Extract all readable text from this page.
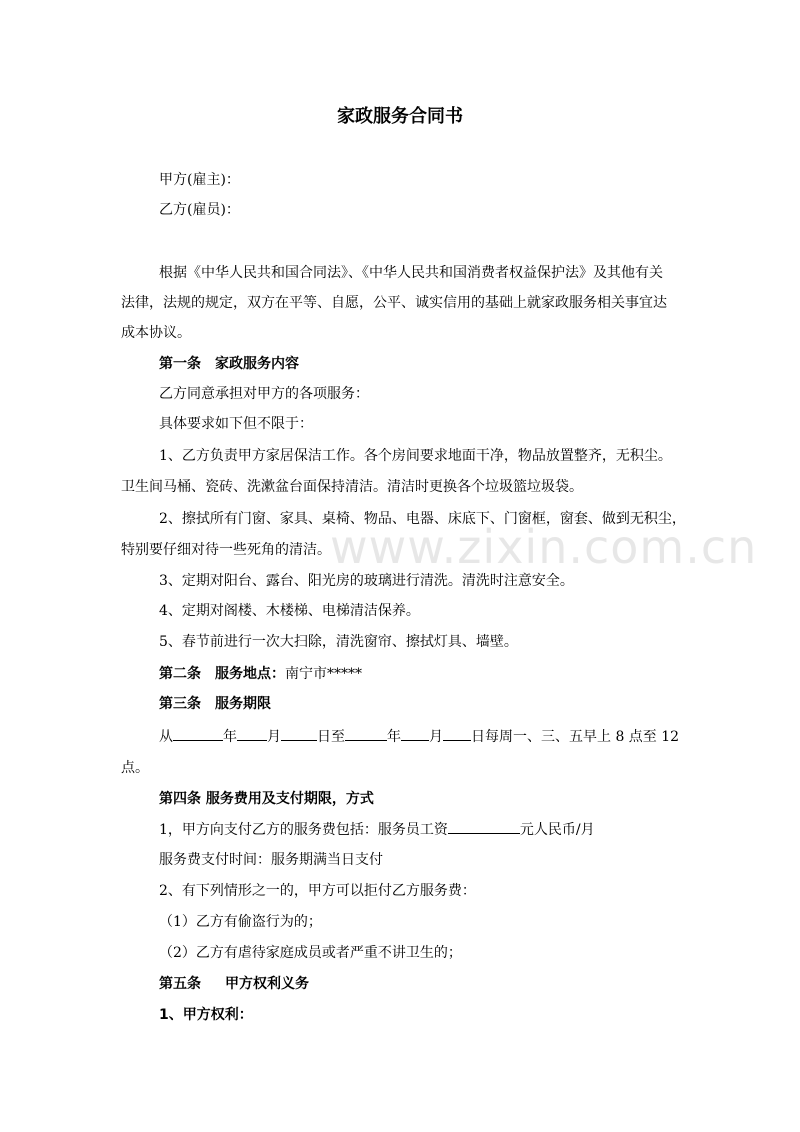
家政服务合同书
甲方(雇主)：
乙方(雇员)：
根据《中华人民共和国合同法》、《中华人民共和国消费者权益保护法》及其他有关
法律，法规的规定，双方在平等、自愿，公平、诚实信用的基础上就家政服务相关事宜达
成本协议。
第一条 家政服务内容
乙方同意承担对甲方的各项服务：
具体要求如下但不限于：
1、乙方负责甲方家居保洁工作。各个房间要求地面干净，物品放置整齐，无积尘。
卫生间马桶、瓷砖、洗漱盆台面保持清洁。清洁时更换各个垃圾篮垃圾袋。
2、擦拭所有门窗、家具、桌椅、物品、电器、床底下、门窗框，窗套、做到无积尘，
特别要仔细对待一些死角的清洁。
3、定期对阳台、露台、阳光房的玻璃进行清洗。清洗时注意安全。
4、定期对阁楼、木楼梯、电梯清洁保养。
5、春节前进行一次大扫除，清洗窗帘、擦拭灯具、墙壁。
第二条 服务地点：南宁市*****
第三条 服务期限
从	年 月	日至	年 月 日每周一、三、五早上 8 点至 12
点。
第四条 服务费用及支付期限，方式
1，甲方向支付乙方的服务费包括：服务员工资	元人民币/月
服务费支付时间：服务期满当日支付
2、有下列情形之一的，甲方可以拒付乙方服务费：
（1）乙方有偷盗行为的；
（2）乙方有虐待家庭成员或者严重不讲卫生的；
第五条 甲方权利义务
1、甲方权利：
www.zixin.com.cn
